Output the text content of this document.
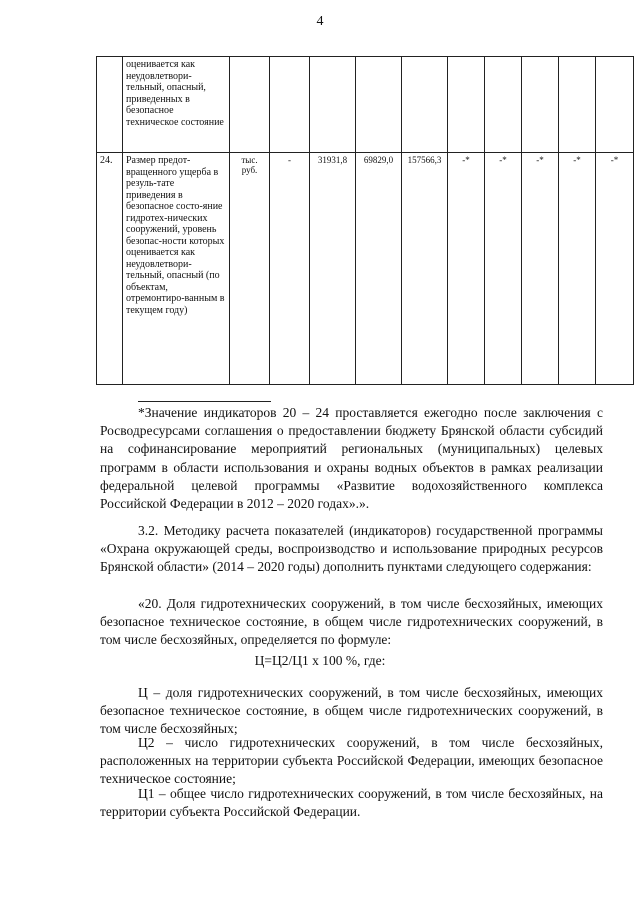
4
	оценивается как неудовлетвори-тельный, опасный, приведенных в безопасное техническое состояние										
24.	Размер предот-вращенного ущерба в резуль-тате приведения в безопасное состо-яние гидротех-нических сооружений, уровень безопас-ности которых оценивается как неудовлетвори-тельный, опасный (по объектам, отремонтиро-ванным в текущем году)	тыс. руб.	-	31931,8	69829,0	157566,3	-*	-*	-*	-*	-*

*Значение индикаторов 20 – 24 проставляется ежегодно после заключения с Росводресурсами соглашения о предоставлении бюджету Брянской области субсидий на софинансирование мероприятий региональных (муниципальных) целевых программ в области использования и охраны водных объектов в рамках реализации федеральной целевой программы «Развитие водохозяйственного комплекса Российской Федерации в 2012 – 2020 годах».».

3.2. Методику расчета показателей (индикаторов) государственной программы «Охрана окружающей среды, воспроизводство и использование природных ресурсов Брянской области» (2014 – 2020 годы) дополнить пунктами следующего содержания:

«20. Доля гидротехнических сооружений, в том числе бесхозяйных, имеющих безопасное техническое состояние, в общем числе гидротехнических сооружений, в том числе бесхозяйных, определяется по формуле:

Ц=Ц2/Ц1 х 100 %, где:

Ц – доля гидротехнических сооружений, в том числе бесхозяйных, имеющих безопасное техническое состояние, в общем числе гидротехнических сооружений, в том числе бесхозяйных;

Ц2 – число гидротехнических сооружений, в том числе бесхозяйных, расположенных на территории субъекта Российской Федерации, имеющих безопасное техническое состояние;

Ц1 – общее число гидротехнических сооружений, в том числе бесхозяйных, на территории субъекта Российской Федерации.
